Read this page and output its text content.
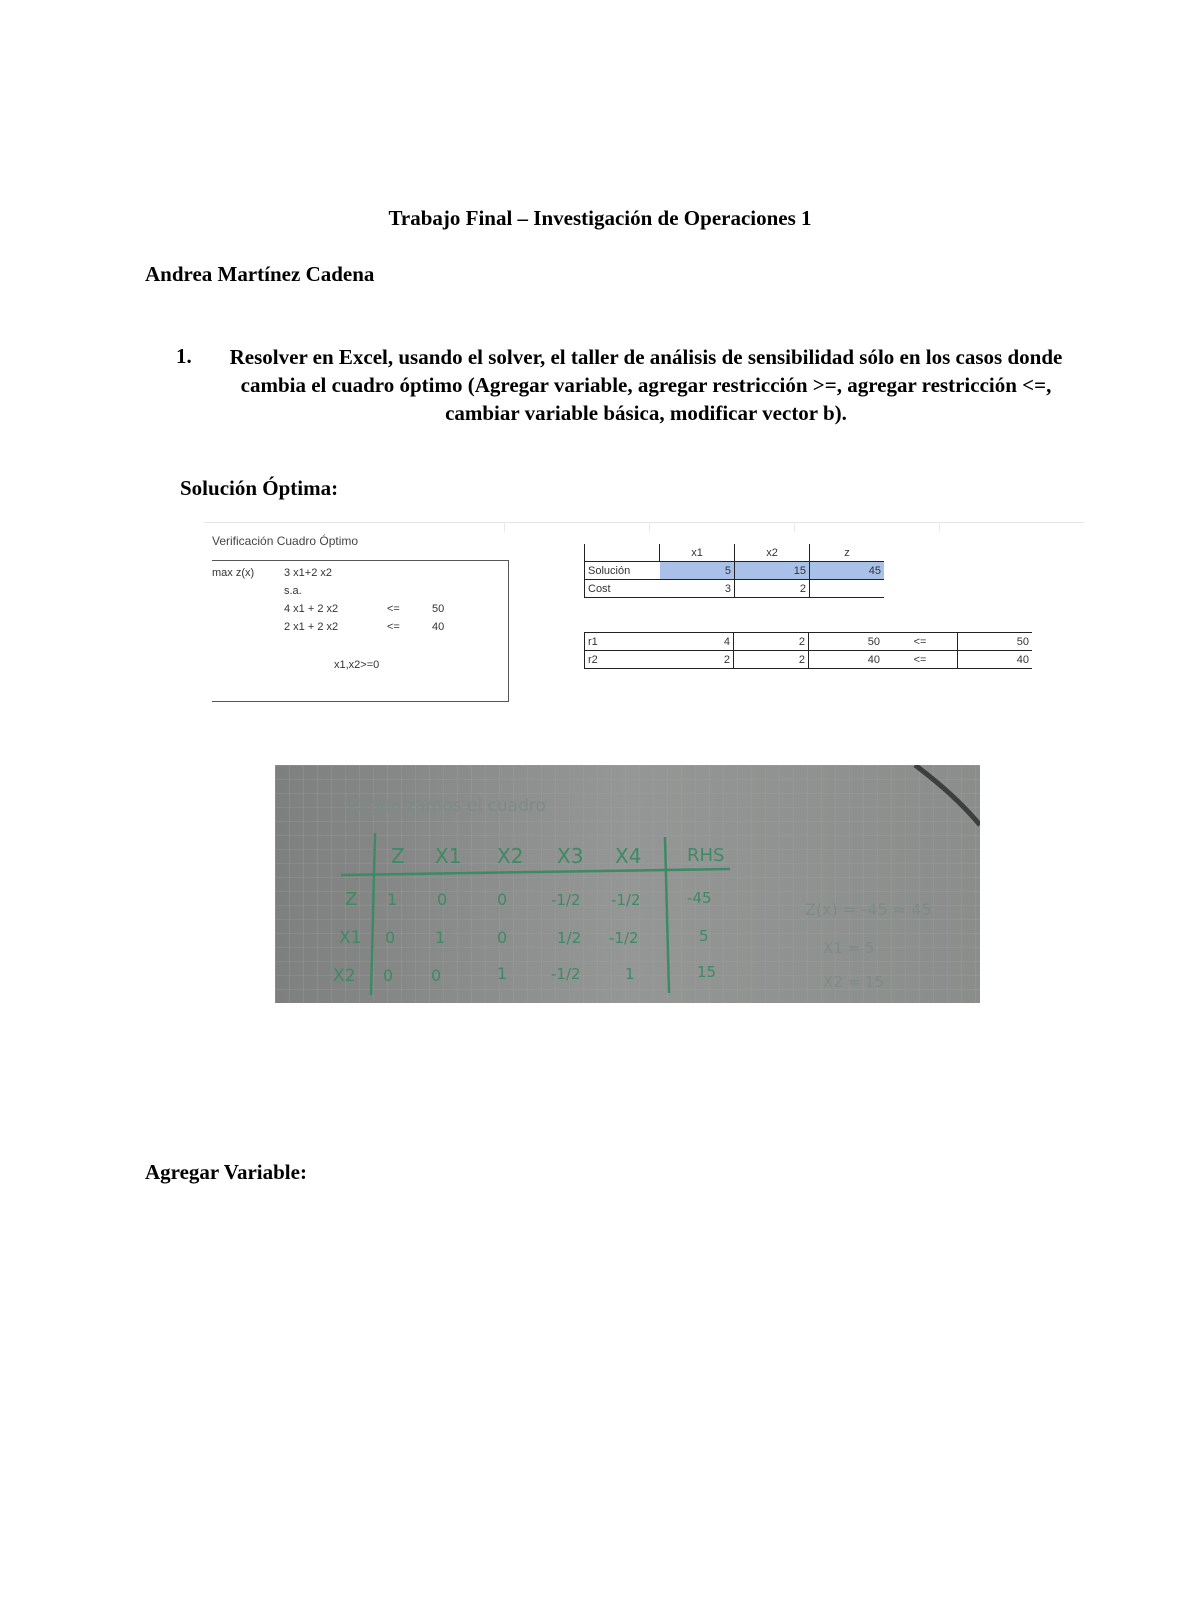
Trabajo Final – Investigación de Operaciones 1
Andrea Martínez Cadena
1.	Resolver en Excel, usando el solver, el taller de análisis de sensibilidad sólo en los casos donde cambia el cuadro óptimo (Agregar variable, agregar restricción >=, agregar restricción <=, cambiar variable básica, modificar vector b).
Solución Óptima:
Verificación Cuadro Óptimo
max z(x)	3 x1+2 x2
s.a.
4 x1 + 2 x2	<=	50
2 x1 + 2 x2	<=	40
x1,x2>=0
	x1	x2	z
Solución	5	15	45
Cost	3	2	
r1	4	2	50	<=	50
r2	2	2	40	<=	40
-Organizamos el cuadro
Z X1 X2 X3 X4	RHS
Z 1 0	0	-1/2 -1/2	-45
X1 0 1	0	1/2 -1/2	5
X2 0 0	1	-1/2	1	15
Z(x) = -45 ≈ 45
X1 = 5
X2 = 15
Agregar Variable:
